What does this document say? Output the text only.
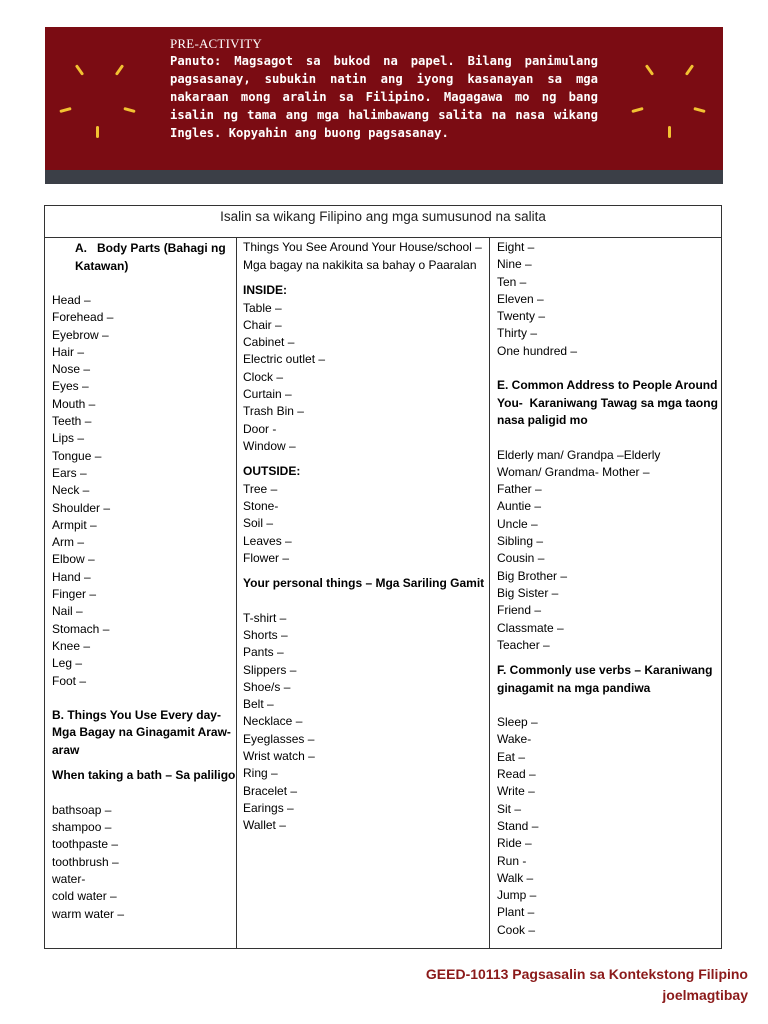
PRE-ACTIVITY
Panuto: Magsagot sa bukod na papel. Bilang panimulang pagsasanay, subukin natin ang iyong kasanayan sa mga nakaraan mong aralin sa Filipino. Magagawa mo ng bang isalin ng tama ang mga halimbawang salita na nasa wikang Ingles. Kopyahin ang buong pagsasanay.
Isalin sa wikang Filipino ang mga sumusunod na salita
A.   Body Parts (Bahagi ng Katawan)
Head –
Forehead –
Eyebrow –
Hair –
Nose –
Eyes –
Mouth –
Teeth –
Lips –
Tongue –
Ears –
Neck –
Shoulder –
Armpit –
Arm –
Elbow –
Hand –
Finger –
Nail –
Stomach –
Knee –
Leg –
Foot –
B. Things You Use Every day- Mga Bagay na Ginagamit Araw-araw
When taking a bath – Sa paliligo
bathsoap –
shampoo –
toothpaste –
toothbrush –
water-
cold water –
warm water –
Things You See Around Your House/school – Mga bagay na nakikita sa bahay o Paaralan
INSIDE:
Table –
Chair –
Cabinet –
Electric outlet –
Clock –
Curtain –
Trash Bin –
Door -
Window –
OUTSIDE:
Tree –
Stone-
Soil –
Leaves –
Flower –
Your personal things – Mga Sariling Gamit
T-shirt –
Shorts –
Pants –
Slippers –
Shoe/s –
Belt –
Necklace –
Eyeglasses –
Wrist watch –
Ring –
Bracelet –
Earings –
Wallet –
Eight –
Nine –
Ten –
Eleven –
Twenty –
Thirty –
One hundred –
E. Common Address to People Around You-  Karaniwang Tawag sa mga taong nasa paligid mo
Elderly man/ Grandpa –Elderly
Woman/ Grandma- Mother –
Father –
Auntie –
Uncle –
Sibling –
Cousin –
Big Brother –
Big Sister –
Friend –
Classmate –
Teacher –
F. Commonly use verbs – Karaniwang ginagamit na mga pandiwa
Sleep –
Wake-
Eat –
Read –
Write –
Sit –
Stand –
Ride –
Run -
Walk –
Jump –
Plant –
Cook –
GEED-10113 Pagsasalin sa Kontekstong Filipino
joelmagtibay
